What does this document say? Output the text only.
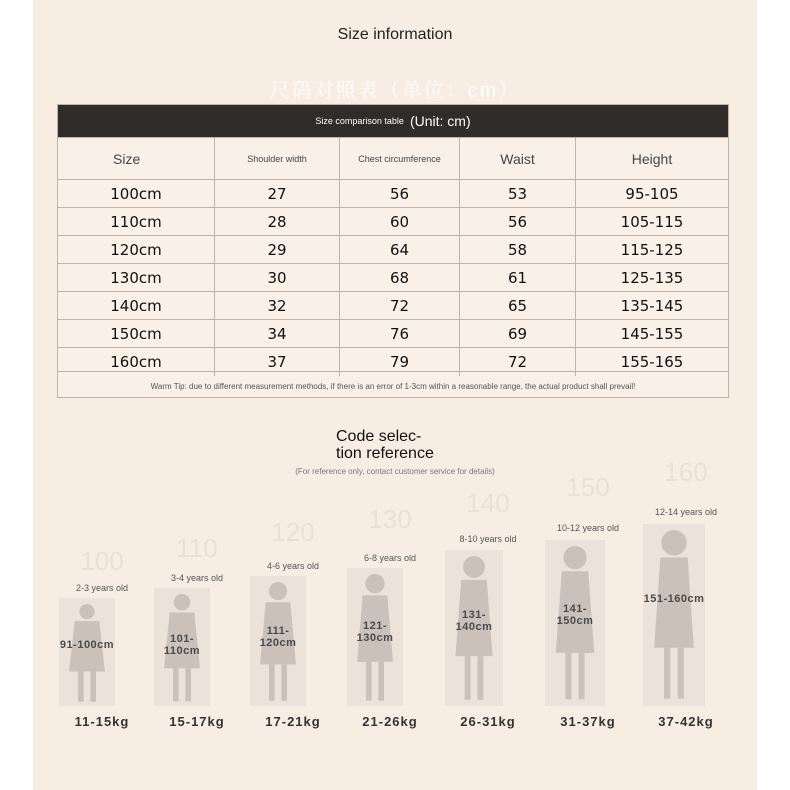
Size information
尺码对照表（单位：cm）
Size comparison table (Unit: cm)
Size	Shoulder width	Chest circumference	Waist	Height
100cm	27	56	53	95-105
110cm	28	60	56	105-115
120cm	29	64	58	115-125
130cm	30	68	61	125-135
140cm	32	72	65	135-145
150cm	34	76	69	145-155
160cm	37	79	72	155-165
Warm Tip: due to different measurement methods, if there is an error of 1-3cm within a reasonable range, the actual product shall prevail!
Code selec-
tion reference
(For reference only, contact customer service for details)
100
2-3 years old
91-100cm
11-15kg
110
3-4 years old
101-110cm
15-17kg
120
4-6 years old
111-120cm
17-21kg
130
6-8 years old
121-130cm
21-26kg
140
8-10 years old
131-140cm
26-31kg
150
10-12 years old
141-150cm
31-37kg
160
12-14 years old
151-160cm
37-42kg
